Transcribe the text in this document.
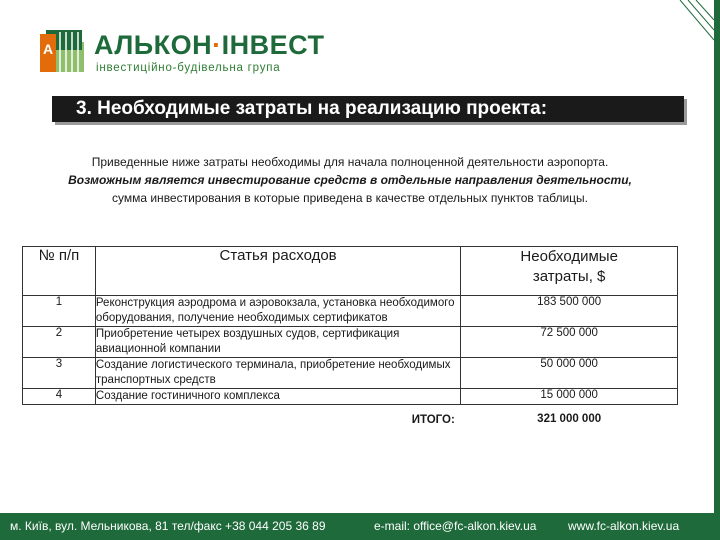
А АЛЬКОН·ІНВЕСТ
інвестиційно-будівельна група
3. Необходимые затраты на реализацию проекта:
Приведенные ниже затраты необходимы для начала полноценной деятельности аэропорта.
Возможным является инвестирование средств в отдельные направления деятельности,
сумма инвестирования в которые приведена в качестве отдельных пунктов таблицы.
№ п/п	Статья расходов	Необходимые
затраты, $
1	Реконструкция аэродрома и аэровокзала, установка необходимого оборудования, получение необходимых сертификатов	183 500 000
2	Приобретение четырех воздушных судов, сертификация авиационной компании	72 500 000
3	Создание логистического терминала, приобретение необходимых транспортных средств	50 000 000
4	Создание гостиничного комплекса	15 000 000
	ИТОГО:	321 000 000
м. Київ, вул. Мельникова, 81 тел/факс +38 044 205 36 89	e-mail: office@fc-alkon.kiev.ua	www.fc-alkon.kiev.ua
